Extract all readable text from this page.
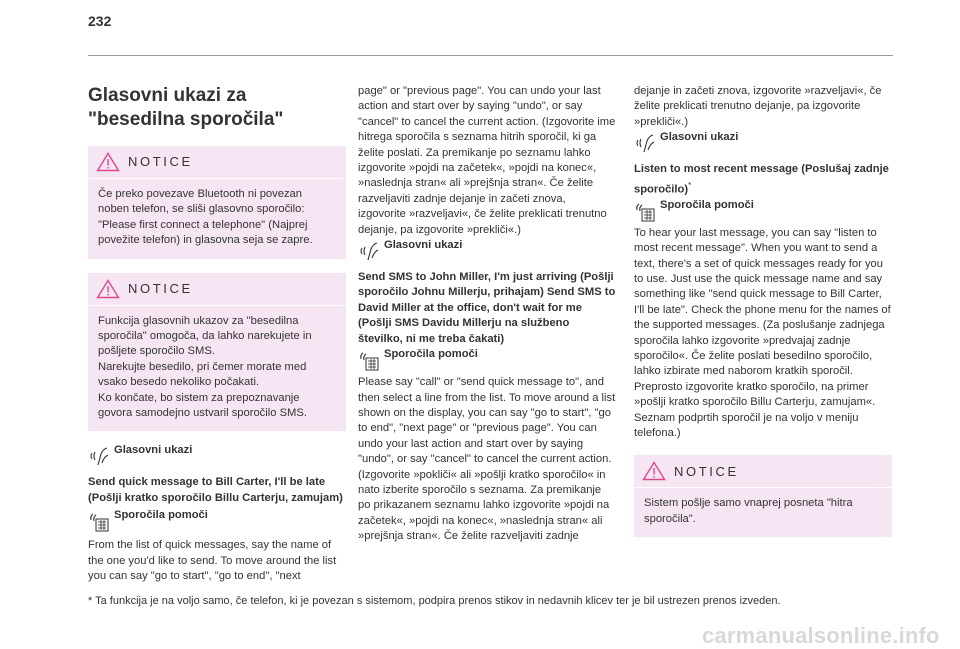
232
Glasovni ukazi za
"besedilna sporočila"
NOTICE

Če preko povezave Bluetooth ni povezan noben telefon, se sliši glasovno sporočilo: "Please first connect a telephone" (Najprej povežite telefon) in glasovna seja se zapre.

NOTICE

Funkcija glasovnih ukazov za "besedilna sporočila" omogoča, da lahko narekujete in pošljete sporočilo SMS.

Narekujte besedilo, pri čemer morate med vsako besedo nekoliko počakati.

Ko končate, bo sistem za prepoznavanje govora samodejno ustvaril sporočilo SMS.

Glasovni ukazi

Send quick message to Bill Carter, I'll be late (Pošlji kratko sporočilo Billu Carterju, zamujam)

Sporočila pomoči

From the list of quick messages, say the name of the one you'd like to send. To move around the list you can say "go to start", "go to end", "next

page" or "previous page". You can undo your last action and start over by saying "undo", or say "cancel" to cancel the current action. (Izgovorite ime hitrega sporočila s seznama hitrih sporočil, ki ga želite poslati. Za premikanje po seznamu lahko izgovorite »pojdi na začetek«, »pojdi na konec«, »naslednja stran« ali »prejšnja stran«. Če želite razveljaviti zadnje dejanje in začeti znova, izgovorite »razveljavi«, če želite preklicati trenutno dejanje, pa izgovorite »prekliči«.)

Glasovni ukazi

Send SMS to John Miller, I'm just arriving (Pošlji sporočilo Johnu Millerju, prihajam) Send SMS to David Miller at the office, don't wait for me (Pošlji SMS Davidu Millerju na službeno številko, ni me treba čakati)

Sporočila pomoči

Please say "call" or "send quick message to", and then select a line from the list. To move around a list shown on the display, you can say "go to start", "go to end", "next page" or "previous page". You can undo your last action and start over by saying "undo", or say "cancel" to cancel the current action. (Izgovorite »pokliči« ali »pošlji kratko sporočilo« in nato izberite sporočilo s seznama. Za premikanje po prikazanem seznamu lahko izgovorite »pojdi na začetek«, »pojdi na konec«, »naslednja stran« ali »prejšnja stran«. Če želite razveljaviti zadnje

dejanje in začeti znova, izgovorite »razveljavi«, če želite preklicati trenutno dejanje, pa izgovorite »prekliči«.)

Glasovni ukazi

Listen to most recent message (Poslušaj zadnje sporočilo)*

Sporočila pomoči

To hear your last message, you can say "listen to most recent message". When you want to send a text, there's a set of quick messages ready for you to use. Just use the quick message name and say something like "send quick message to Bill Carter, I'll be late". Check the phone menu for the names of the supported messages. (Za poslušanje zadnjega sporočila lahko izgovorite »predvajaj zadnje sporočilo«. Če želite poslati besedilno sporočilo, lahko izbirate med naborom kratkih sporočil. Preprosto izgovorite kratko sporočilo, na primer »pošlji kratko sporočilo Billu Carterju, zamujam«. Seznam podprtih sporočil je na voljo v meniju telefona.)

NOTICE

Sistem pošlje samo vnaprej posneta "hitra sporočila".

* Ta funkcija je na voljo samo, če telefon, ki je povezan s sistemom, podpira prenos stikov in nedavnih klicev ter je bil ustrezen prenos izveden.
carmanualsonline.info
